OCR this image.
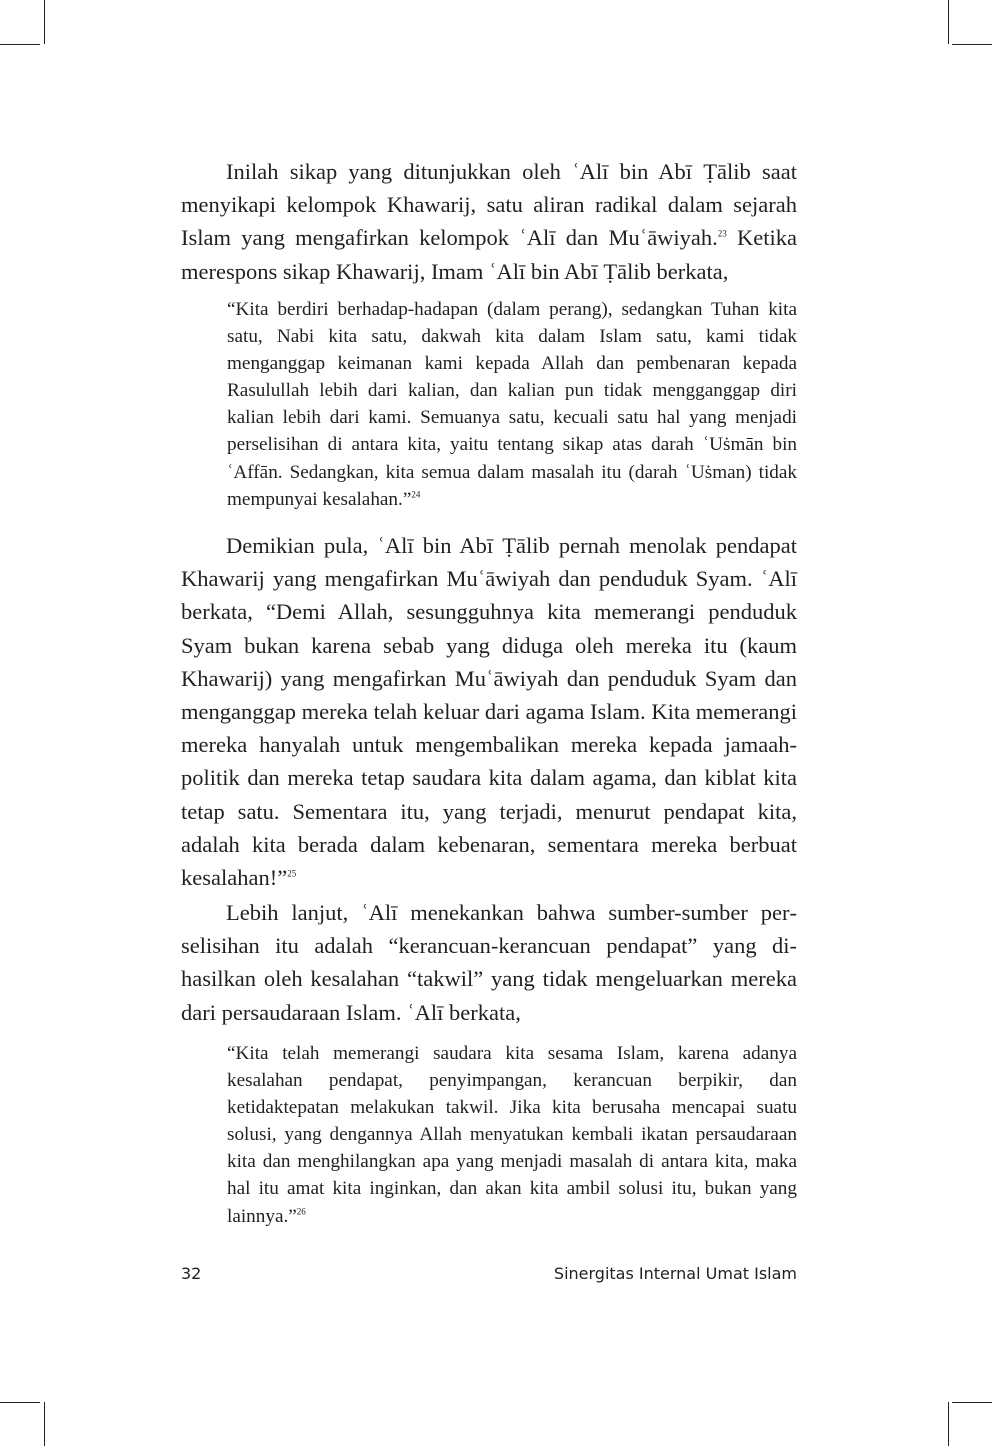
Inilah sikap yang ditunjukkan oleh ʿAlī bin Abī Ṭālib saat menyikapi kelompok Khawarij, satu aliran radikal dalam sejarah Islam yang mengafirkan kelompok ʿAlī dan Muʿāwiyah.$^{23}$ Ketika merespons sikap Khawarij, Imam ʿAlī bin Abī Ṭālib berkata,

“Kita berdiri berhadap-hadapan (dalam perang), sedangkan Tuhan kita satu, Nabi kita satu, dakwah kita dalam Islam satu, kami tidak menganggap keimanan kami kepada Allah dan pembenaran kepada Rasulullah lebih dari kalian, dan kalian pun tidak mengganggap diri kalian lebih dari kami. Semuanya satu, kecuali satu hal yang menjadi perselisihan di antara kita, yaitu tentang sikap atas darah ʿUṡmān bin ʿAffān. Sedangkan, kita semua dalam masalah itu (darah ʿUṡman) tidak mempunyai kesalahan.”$^{24}$

Demikian pula, ʿAlī bin Abī Ṭālib pernah menolak pendapat Khawarij yang mengafirkan Muʿāwiyah dan penduduk Syam. ʿAlī berkata, “Demi Allah, sesungguhnya kita memerangi penduduk Syam bukan karena sebab yang diduga oleh mereka itu (kaum Khawarij) yang mengafirkan Muʿāwiyah dan penduduk Syam dan menganggap mereka telah keluar dari agama Islam. Kita memerangi mereka hanyalah untuk mengembalikan mereka kepada jamaah-politik dan mereka tetap saudara kita dalam agama, dan kiblat kita tetap satu. Sementara itu, yang terjadi, menurut pendapat kita, adalah kita berada dalam kebenaran, sementara mereka berbuat kesalahan!”$^{25}$

Lebih lanjut, ʿAlī menekankan bahwa sumber-sumber perselisihan itu adalah “kerancuan-kerancuan pendapat” yang dihasilkan oleh kesalahan “takwil” yang tidak mengeluarkan mereka dari persaudaraan Islam. ʿAlī berkata,

“Kita telah memerangi saudara kita sesama Islam, karena adanya kesalahan pendapat, penyimpangan, kerancuan berpikir, dan ketidaktepatan melakukan takwil. Jika kita berusaha mencapai suatu solusi, yang dengannya Allah menyatukan kembali ikatan persaudaraan kita dan menghilangkan apa yang menjadi masalah di antara kita, maka hal itu amat kita inginkan, dan akan kita ambil solusi itu, bukan yang lainnya.”$^{26}$

32	Sinergitas Internal Umat Islam
